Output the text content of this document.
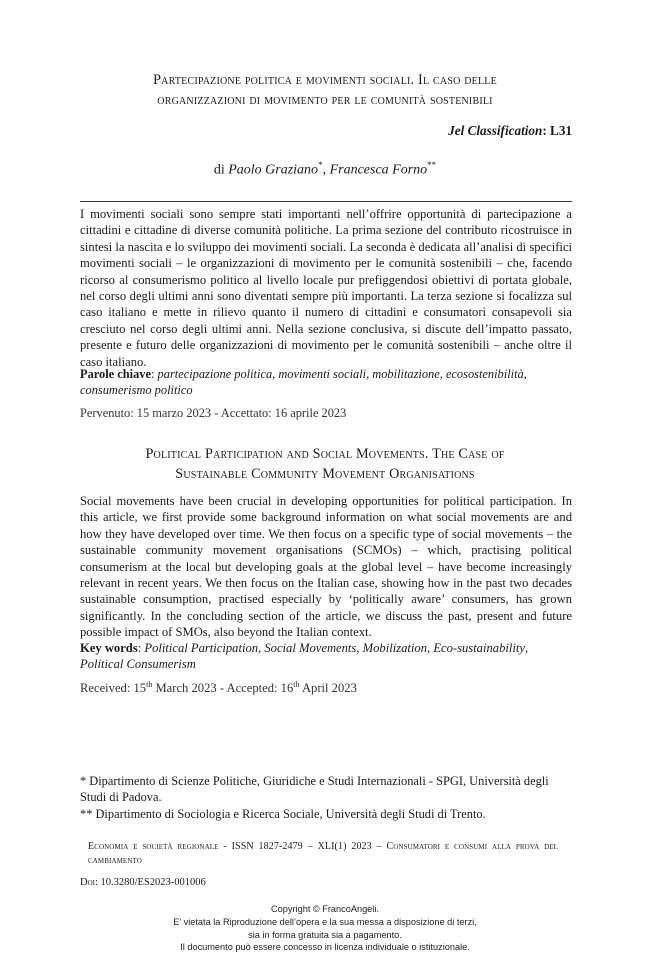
Partecipazione politica e movimenti sociali. Il caso delle
organizzazioni di movimento per le comunità sostenibili
Jel Classification: L31
di Paolo Graziano*, Francesca Forno**
I movimenti sociali sono sempre stati importanti nell’offrire opportunità di partecipazione a cittadini e cittadine di diverse comunità politiche. La prima sezione del contributo ricostruisce in sintesi la nascita e lo sviluppo dei movimenti sociali. La seconda è dedicata all’analisi di specifici movimenti sociali – le organizzazioni di movimento per le comunità sostenibili – che, facendo ricorso al consumerismo politico al livello locale pur prefiggendosi obiettivi di portata globale, nel corso degli ultimi anni sono diventati sempre più importanti. La terza sezione si focalizza sul caso italiano e mette in rilievo quanto il numero di cittadini e consumatori consapevoli sia cresciuto nel corso degli ultimi anni. Nella sezione conclusiva, si discute dell’impatto passato, presente e futuro delle organizzazioni di movimento per le comunità sostenibili – anche oltre il caso italiano.
Parole chiave: partecipazione politica, movimenti sociali, mobilitazione, ecosostenibilità, consumerismo politico
Pervenuto: 15 marzo 2023 - Accettato: 16 aprile 2023
Political Participation and Social Movements. The Case of
Sustainable Community Movement Organisations
Social movements have been crucial in developing opportunities for political participation. In this article, we first provide some background information on what social movements are and how they have developed over time. We then focus on a specific type of social movements – the sustainable community movement organisations (SCMOs) – which, practising political consumerism at the local but developing goals at the global level – have become increasingly relevant in recent years. We then focus on the Italian case, showing how in the past two decades sustainable consumption, practised especially by ‘politically aware’ consumers, has grown significantly. In the concluding section of the article, we discuss the past, present and future possible impact of SMOs, also beyond the Italian context.
Key words: Political Participation, Social Movements, Mobilization, Eco-sustainability, Political Consumerism
Received: 15th March 2023 - Accepted: 16th April 2023
* Dipartimento di Scienze Politiche, Giuridiche e Studi Internazionali - SPGI, Università degli Studi di Padova.
** Dipartimento di Sociologia e Ricerca Sociale, Università degli Studi di Trento.
Economia e società regionale - ISSN 1827-2479 – XLI(1) 2023 – Consumatori e consumi alla prova del cambiamento
Doi: 10.3280/ES2023-001006
Copyright © FrancoAngeli.
E’ vietata la Riproduzione dell’opera e la sua messa a disposizione di terzi,
sia in forma gratuita sia a pagamento.
Il documento può essere concesso in licenza individuale o istituzionale.
